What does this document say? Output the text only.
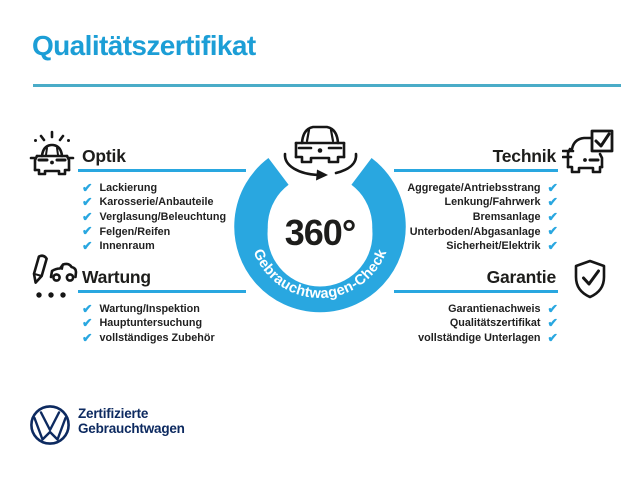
Qualitätszertifikat
Gebrauchtwagen-Check
360°
Optik
✔ Lackierung
✔ Karosserie/Anbauteile
✔ Verglasung/Beleuchtung
✔ Felgen/Reifen
✔ Innenraum
Technik
✔
Aggregate/Antriebsstrang
✔
Lenkung/Fahrwerk
✔
Bremsanlage
✔
Unterboden/Abgasanlage
✔
Sicherheit/Elektrik
Wartung
✔ Wartung/Inspektion
✔ Hauptuntersuchung
✔ vollständiges Zubehör
Garantie
✔
Garantienachweis
✔
Qualitätszertifikat
✔
vollständige Unterlagen
Zertifizierte
Gebrauchtwagen
